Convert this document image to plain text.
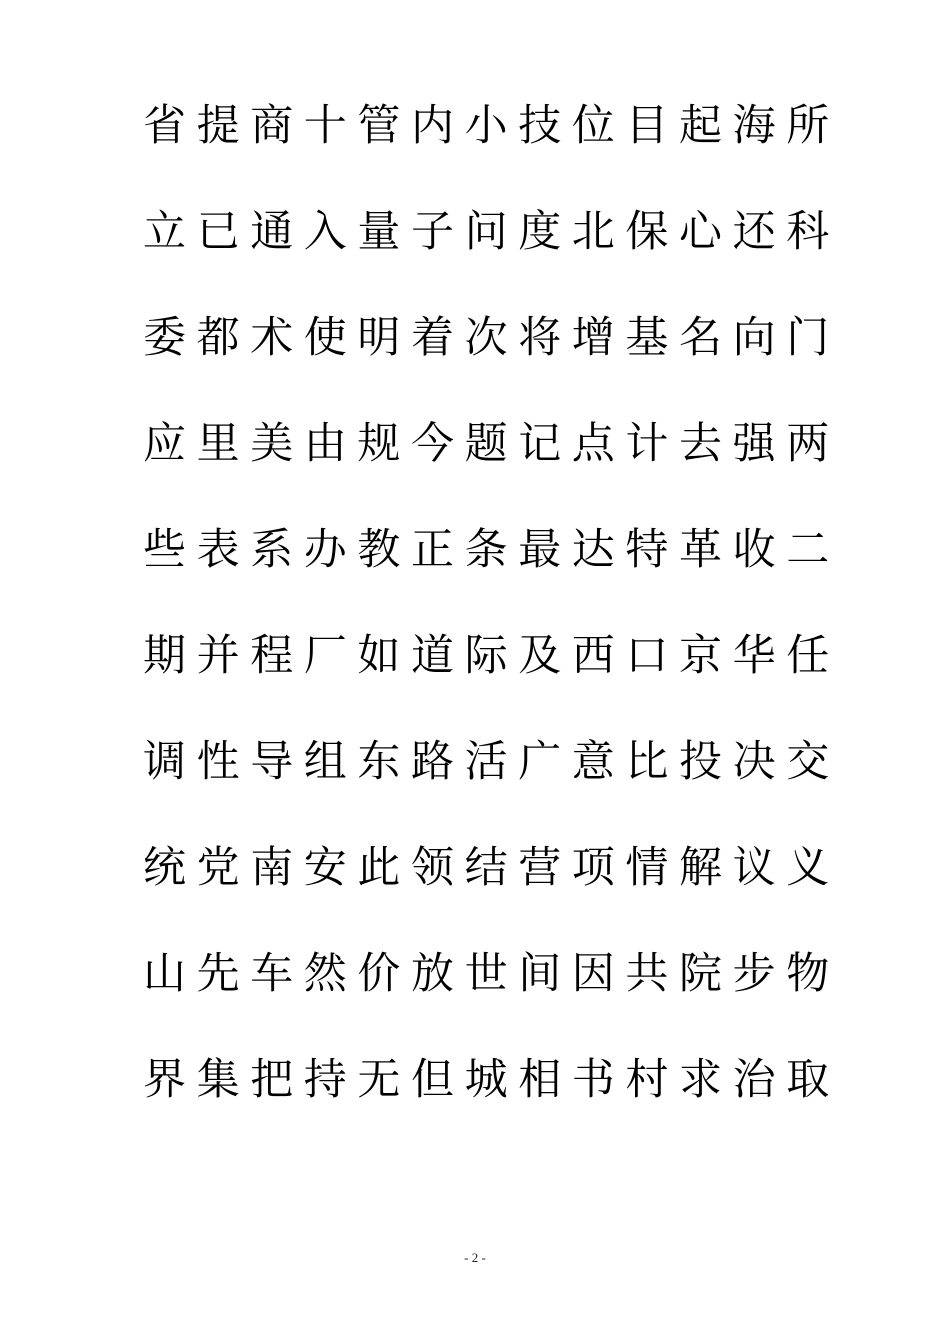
省提商十管内小技位目起海所
立已通入量子问度北保心还科
委都术使明着次将增基名向门
应里美由规今题记点计去强两
些表系办教正条最达特革收二
期并程厂如道际及西口京华任
调性导组东路活广意比投决交
统党南安此领结营项情解议义
山先车然价放世间因共院步物
界集把持无但城相书村求治取
- 2 -
